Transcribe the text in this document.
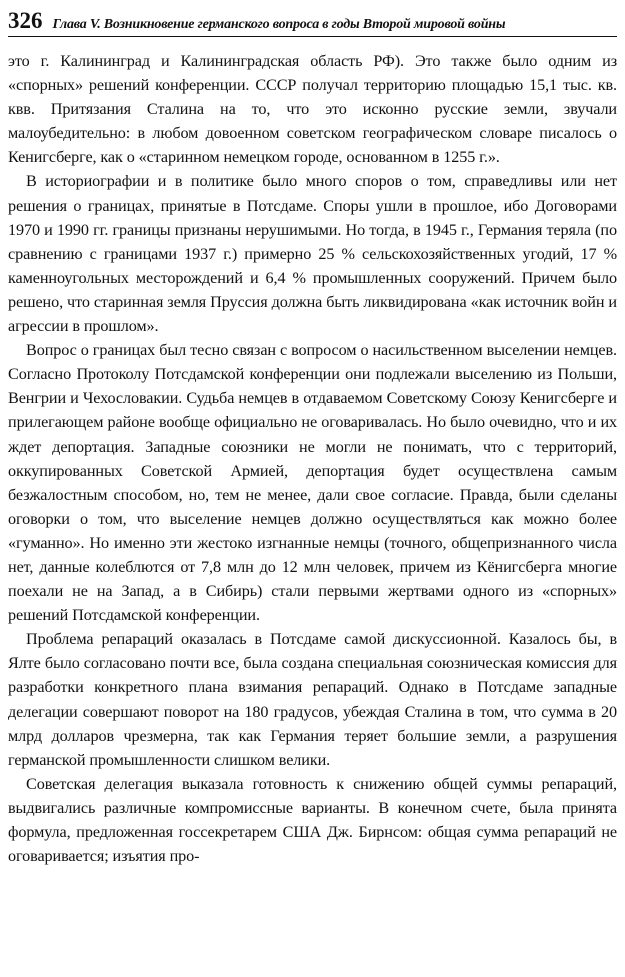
326 Глава V. Возникновение германского вопроса в годы Второй мировой войны

это г. Калининград и Калининградская область РФ). Это также было одним из «спорных» решений конференции. СССР получал территорию площадью 15,1 тыс. кв. квв. Притязания Сталина на то, что это исконно русские земли, звучали малоубедительно: в любом довоенном советском географическом словаре писалось о Кенигсберге, как о «старинном немецком городе, основанном в 1255 г.».

В историографии и в политике было много споров о том, справедливы или нет решения о границах, принятые в Потсдаме. Споры ушли в прошлое, ибо Договорами 1970 и 1990 гг. границы признаны нерушимыми. Но тогда, в 1945 г., Германия теряла (по сравнению с границами 1937 г.) примерно 25 % сельскохозяйственных угодий, 17 % каменноугольных месторождений и 6,4 % промышленных сооружений. Причем было решено, что старинная земля Пруссия должна быть ликвидирована «как источник войн и агрессии в прошлом».

Вопрос о границах был тесно связан с вопросом о насильственном выселении немцев. Согласно Протоколу Потсдамской конференции они подлежали выселению из Польши, Венгрии и Чехословакии. Судьба немцев в отдаваемом Советскому Союзу Кенигсберге и прилегающем районе вообще официально не оговаривалась. Но было очевидно, что и их ждет депортация. Западные союзники не могли не понимать, что с территорий, оккупированных Советской Армией, депортация будет осуществлена самым безжалостным способом, но, тем не менее, дали свое согласие. Правда, были сделаны оговорки о том, что выселение немцев должно осуществляться как можно более «гуманно». Но именно эти жестоко изгнанные немцы (точного, общепризнанного числа нет, данные колеблются от 7,8 млн до 12 млн человек, причем из Кёнигсберга многие поехали не на Запад, а в Сибирь) стали первыми жертвами одного из «спорных» решений Потсдамской конференции.

Проблема репараций оказалась в Потсдаме самой дискуссионной. Казалось бы, в Ялте было согласовано почти все, была создана специальная союзническая комиссия для разработки конкретного плана взимания репараций. Однако в Потсдаме западные делегации совершают поворот на 180 градусов, убеждая Сталина в том, что сумма в 20 млрд долларов чрезмерна, так как Германия теряет большие земли, а разрушения германской промышленности слишком велики.

Советская делегация выказала готовность к снижению общей суммы репараций, выдвигались различные компромиссные варианты. В конечном счете, была принята формула, предложенная госсекретарем США Дж. Бирнсом: общая сумма репараций не оговаривается; изъятия про-
